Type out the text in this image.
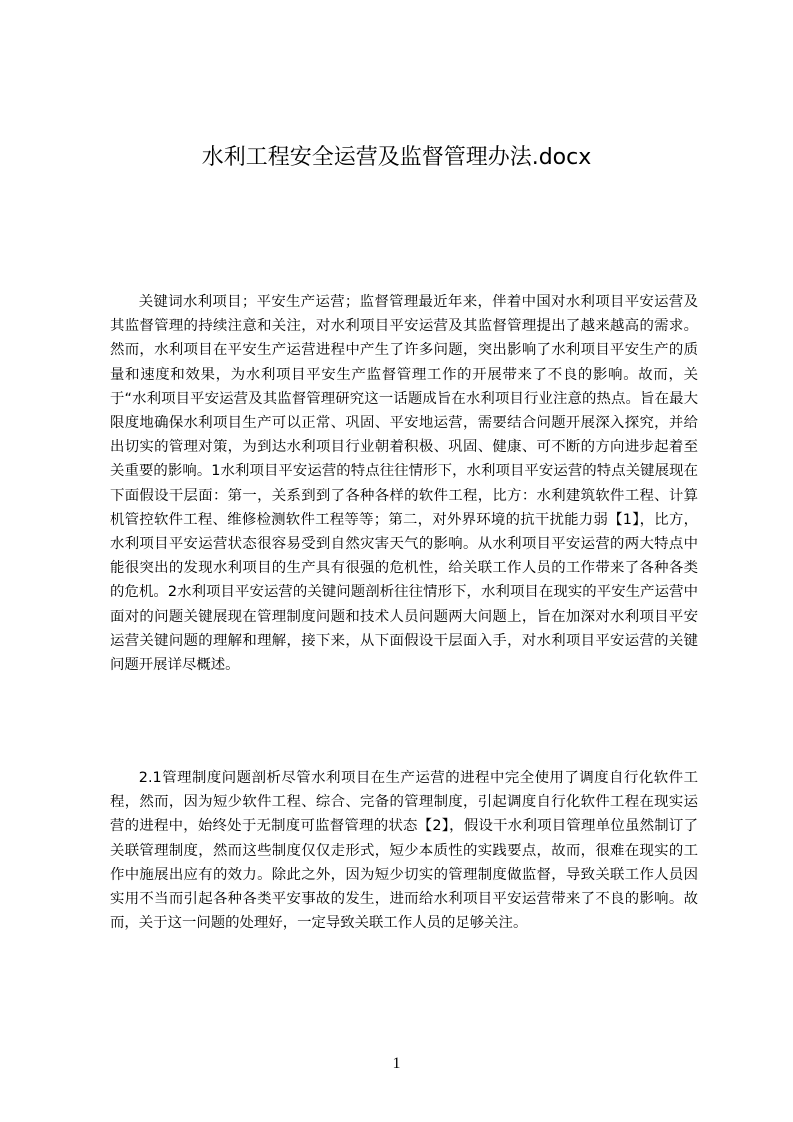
水利工程安全运营及监督管理办法.docx

关键词水利项目；平安生产运营；监督管理最近年来，伴着中国对水利项目平安运营及其监督管理的持续注意和关注，对水利项目平安运营及其监督管理提出了越来越高的需求。然而，水利项目在平安生产运营进程中产生了许多问题，突出影响了水利项目平安生产的质量和速度和效果，为水利项目平安生产监督管理工作的开展带来了不良的影响。故而，关于“水利项目平安运营及其监督管理研究这一话题成旨在水利项目行业注意的热点。旨在最大限度地确保水利项目生产可以正常、巩固、平安地运营，需要结合问题开展深入探究，并给出切实的管理对策，为到达水利项目行业朝着积极、巩固、健康、可不断的方向进步起着至关重要的影响。1水利项目平安运营的特点往往情形下，水利项目平安运营的特点关键展现在下面假设干层面：第一，关系到到了各种各样的软件工程，比方：水利建筑软件工程、计算机管控软件工程、维修检测软件工程等等；第二，对外界环境的抗干扰能力弱【1】，比方，水利项目平安运营状态很容易受到自然灾害天气的影响。从水利项目平安运营的两大特点中能很突出的发现水利项目的生产具有很强的危机性，给关联工作人员的工作带来了各种各类的危机。2水利项目平安运营的关键问题剖析往往情形下，水利项目在现实的平安生产运营中面对的问题关键展现在管理制度问题和技术人员问题两大问题上，旨在加深对水利项目平安运营关键问题的理解和理解，接下来，从下面假设干层面入手，对水利项目平安运营的关键问题开展详尽概述。

2.1管理制度问题剖析尽管水利项目在生产运营的进程中完全使用了调度自行化软件工程，然而，因为短少软件工程、综合、完备的管理制度，引起调度自行化软件工程在现实运营的进程中，始终处于无制度可监督管理的状态【2】，假设干水利项目管理单位虽然制订了关联管理制度，然而这些制度仅仅走形式，短少本质性的实践要点，故而，很难在现实的工作中施展出应有的效力。除此之外，因为短少切实的管理制度做监督，导致关联工作人员因实用不当而引起各种各类平安事故的发生，进而给水利项目平安运营带来了不良的影响。故而，关于这一问题的处理好，一定导致关联工作人员的足够关注。

1
